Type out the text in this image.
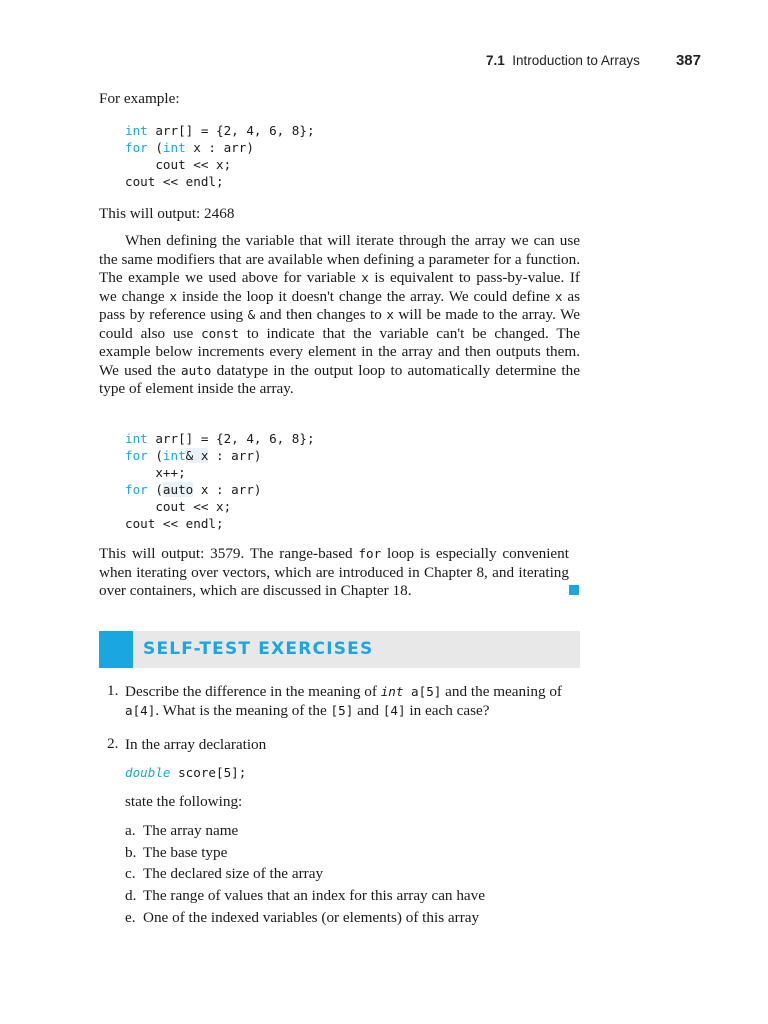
7.1 Introduction to Arrays 387
For example:
int arr[] = {2, 4, 6, 8};
for (int x : arr)
cout << x;
cout << endl;
This will output: 2468
When defining the variable that will iterate through the array we can use the same modifiers that are available when defining a parameter for a function. The example we used above for variable x is equivalent to pass-by-value. If we change x inside the loop it doesn't change the array. We could define x as pass by reference using & and then changes to x will be made to the array. We could also use const to indicate that the variable can't be changed. The example below increments every element in the array and then outputs them. We used the auto datatype in the output loop to automatically determine the type of element inside the array.
int arr[] = {2, 4, 6, 8};
for (int& x : arr)
x++;
for (auto x : arr)
cout << x;
cout << endl;
This will output: 3579. The range-based for loop is especially convenient when iterating over vectors, which are introduced in Chapter 8, and iterating over containers, which are discussed in Chapter 18.
SELF-TEST EXERCISES
1. Describe the difference in the meaning of int a[5] and the meaning of a[4]. What is the meaning of the [5] and [4] in each case?
2. In the array declaration
double score[5];
state the following:
a. The array name
b. The base type
c. The declared size of the array
d. The range of values that an index for this array can have
e. One of the indexed variables (or elements) of this array
